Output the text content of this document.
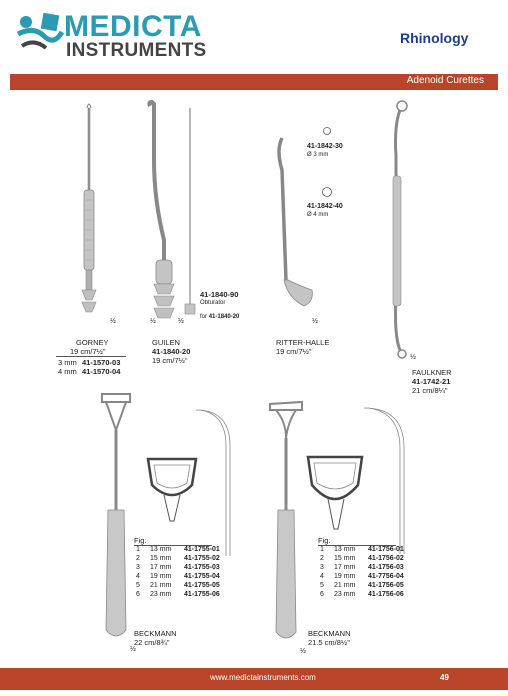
MEDICTA
INSTRUMENTS
Rhinology
Adenoid Curettes
½	½	½	½
41-1842-30
Ø 3 mm
41-1842-40
Ø 4 mm
½
GORNEY
19 cm/7½"
3 mm 41-1570-03
4 mm 41-1570-04
GUILEN
41-1840-20
19 cm/7½"
41-1840-90
Obturator
for 41-1840-20
RITTER-HALLE
19 cm/7½"
FAULKNER
41-1742-21
21 cm/8¼"
½
Fig.
1 13 mm 41-1755-01
2 15 mm 41-1755-02
3 17 mm 41-1755-03
4 19 mm 41-1755-04
5 21 mm 41-1755-05
6 23 mm 41-1755-06
BECKMANN
22 cm/8¾"
½
Fig.
1 13 mm 41-1756-01
2 15 mm 41-1756-02
3 17 mm 41-1756-03
4 19 mm 41-7756-04
5 21 mm 41-1756-05
6 23 mm 41-1756-06
BECKMANN
21.5 cm/8½"
www.medictainstruments.com	49
